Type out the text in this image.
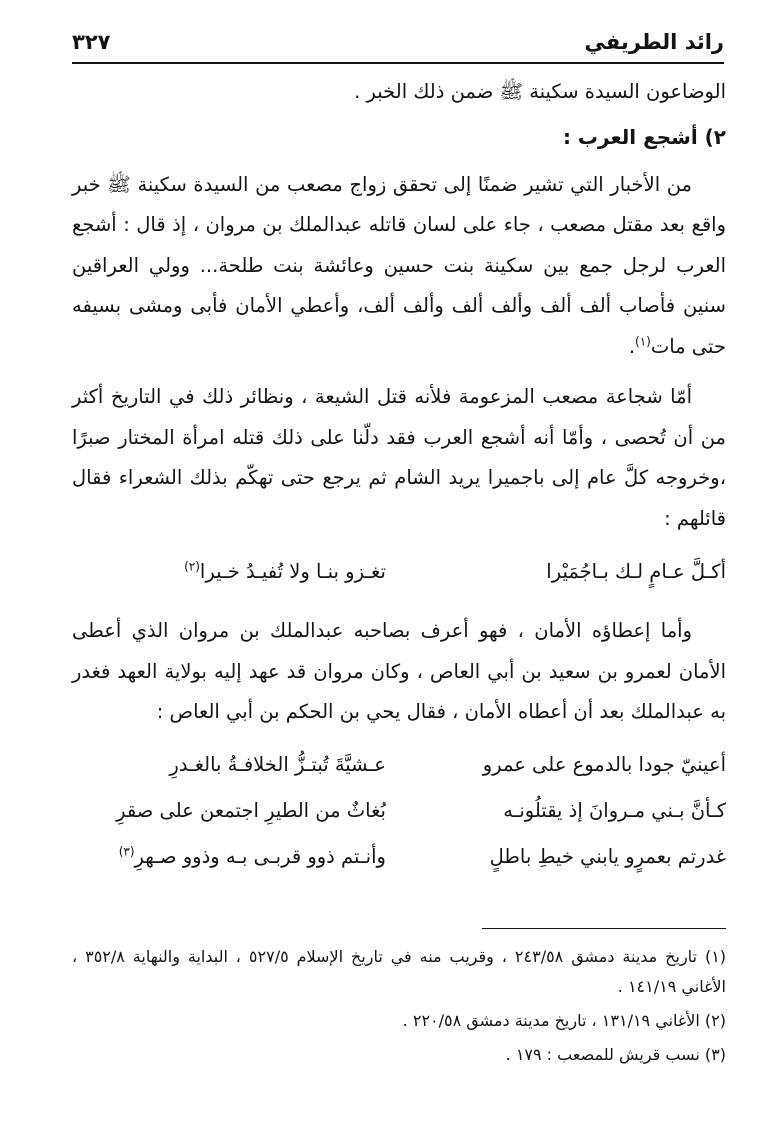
رائد الطريفي
٣٢٧

الوضاعون السيدة سكينة ﷺ ضمن ذلك الخبر .

٢) أشجع العرب :

من الأخبار التي تشير ضمنًا إلى تحقق زواج مصعب من السيدة سكينة ﷺ خبر واقع بعد مقتل مصعب ، جاء على لسان قاتله عبدالملك بن مروان ، إذ قال : أشجع العرب لرجل جمع بين سكينة بنت حسين وعائشة بنت طلحة... وولي العراقين سنين فأصاب ألف ألف وألف ألف وألف ألف، وأعطي الأمان فأبى ومشى بسيفه حتى مات$^{(١)}$.

أمّا شجاعة مصعب المزعومة فلأنه قتل الشيعة ، ونظائر ذلك في التاريخ أكثر من أن تُحصى ، وأمّا أنه أشجع العرب فقد دلّنا على ذلك قتله امرأة المختار صبرًا ،وخروجه كلَّ عام إلى باجميرا يريد الشام ثم يرجع حتى تهكّم بذلك الشعراء فقال قائلهم :

أكـلَّ عـامٍ لـك بـاجُمَيْرا
تغـزو بنـا ولا تُفيـدُ خـيرا$^{(٢)}$

وأما إعطاؤه الأمان ، فهو أعرف بصاحبه عبدالملك بن مروان الذي أعطى الأمان لعمرو بن سعيد بن أبي العاص ، وكان مروان قد عهد إليه بولاية العهد فغدر به عبدالملك بعد أن أعطاه الأمان ، فقال يحي بن الحكم بن أبي العاص :

أعينيّ جودا بالدموع على عمرو
عـشيَّةَ تُبتـزُّ الخلافـةُ بالغـدرِ
كـأنَّ بـني مـروانَ إذ يقتلُونـه
بُغاثٌ من الطيرِ اجتمعن على صقرِ
غدرتم بعمرٍو يابني خيطِ باطلٍ
وأنـتم ذوو قربـى بـه وذوو صـهرِ$^{(٣)}$

(١) تاريخ مدينة دمشق ٢٤٣/٥٨ ، وقريب منه في تاريخ الإسلام ٥٢٧/٥ ، البداية والنهاية ٣٥٢/٨ ، الأغاني ١٤١/١٩ .

(٢) الأغاني ١٣١/١٩ ، تاريخ مدينة دمشق ٢٢٠/٥٨ .

(٣) نسب قريش للمصعب : ١٧٩ .
